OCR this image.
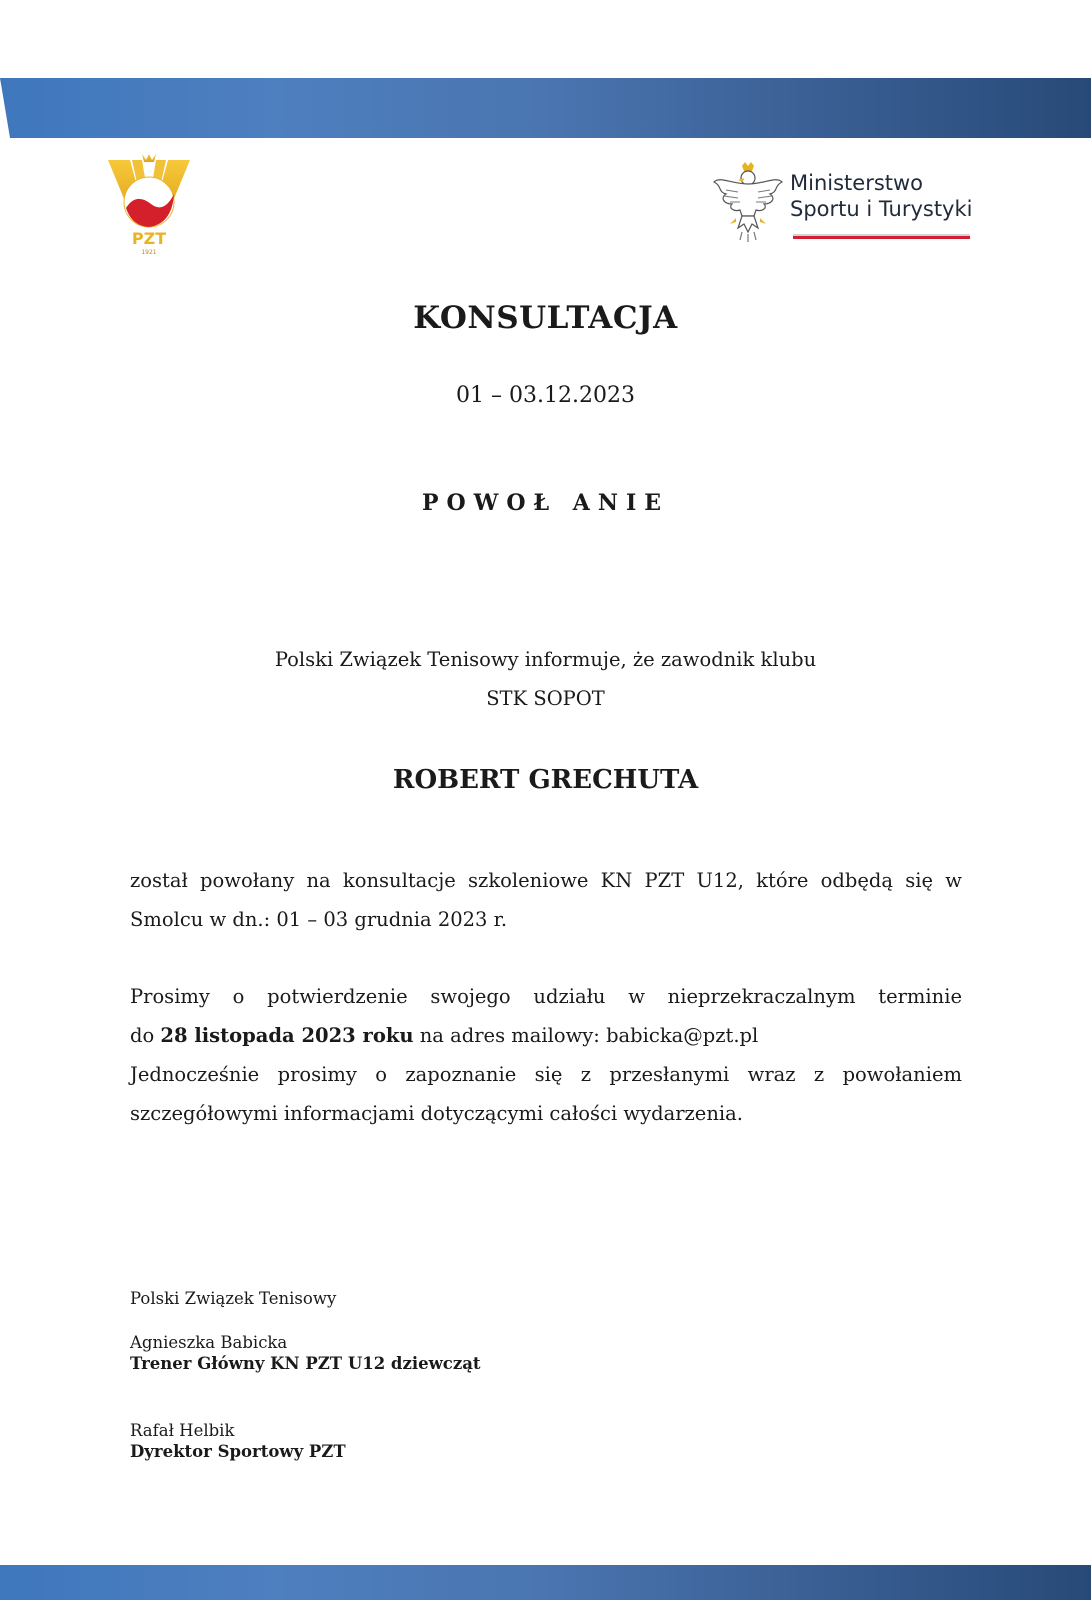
PZT
1921
Ministerstwo
Sportu i Turystyki
KONSULTACJA
01 – 03.12.2023
POWOŁ ANIE
Polski Związek Tenisowy informuje, że zawodnik klubu
STK SOPOT
ROBERT GRECHUTA
został powołany na konsultacje szkoleniowe KN PZT U12, które odbędą się w
Smolcu w dn.: 01 – 03 grudnia 2023 r.
Prosimy o potwierdzenie swojego udziału w nieprzekraczalnym terminie
do 28 listopada 2023 roku na adres mailowy: babicka@pzt.pl
Jednocześnie prosimy o zapoznanie się z przesłanymi wraz z powołaniem
szczegółowymi informacjami dotyczącymi całości wydarzenia.
Polski Związek Tenisowy
Agnieszka Babicka
Trener Główny KN PZT U12 dziewcząt
Rafał Helbik
Dyrektor Sportowy PZT
